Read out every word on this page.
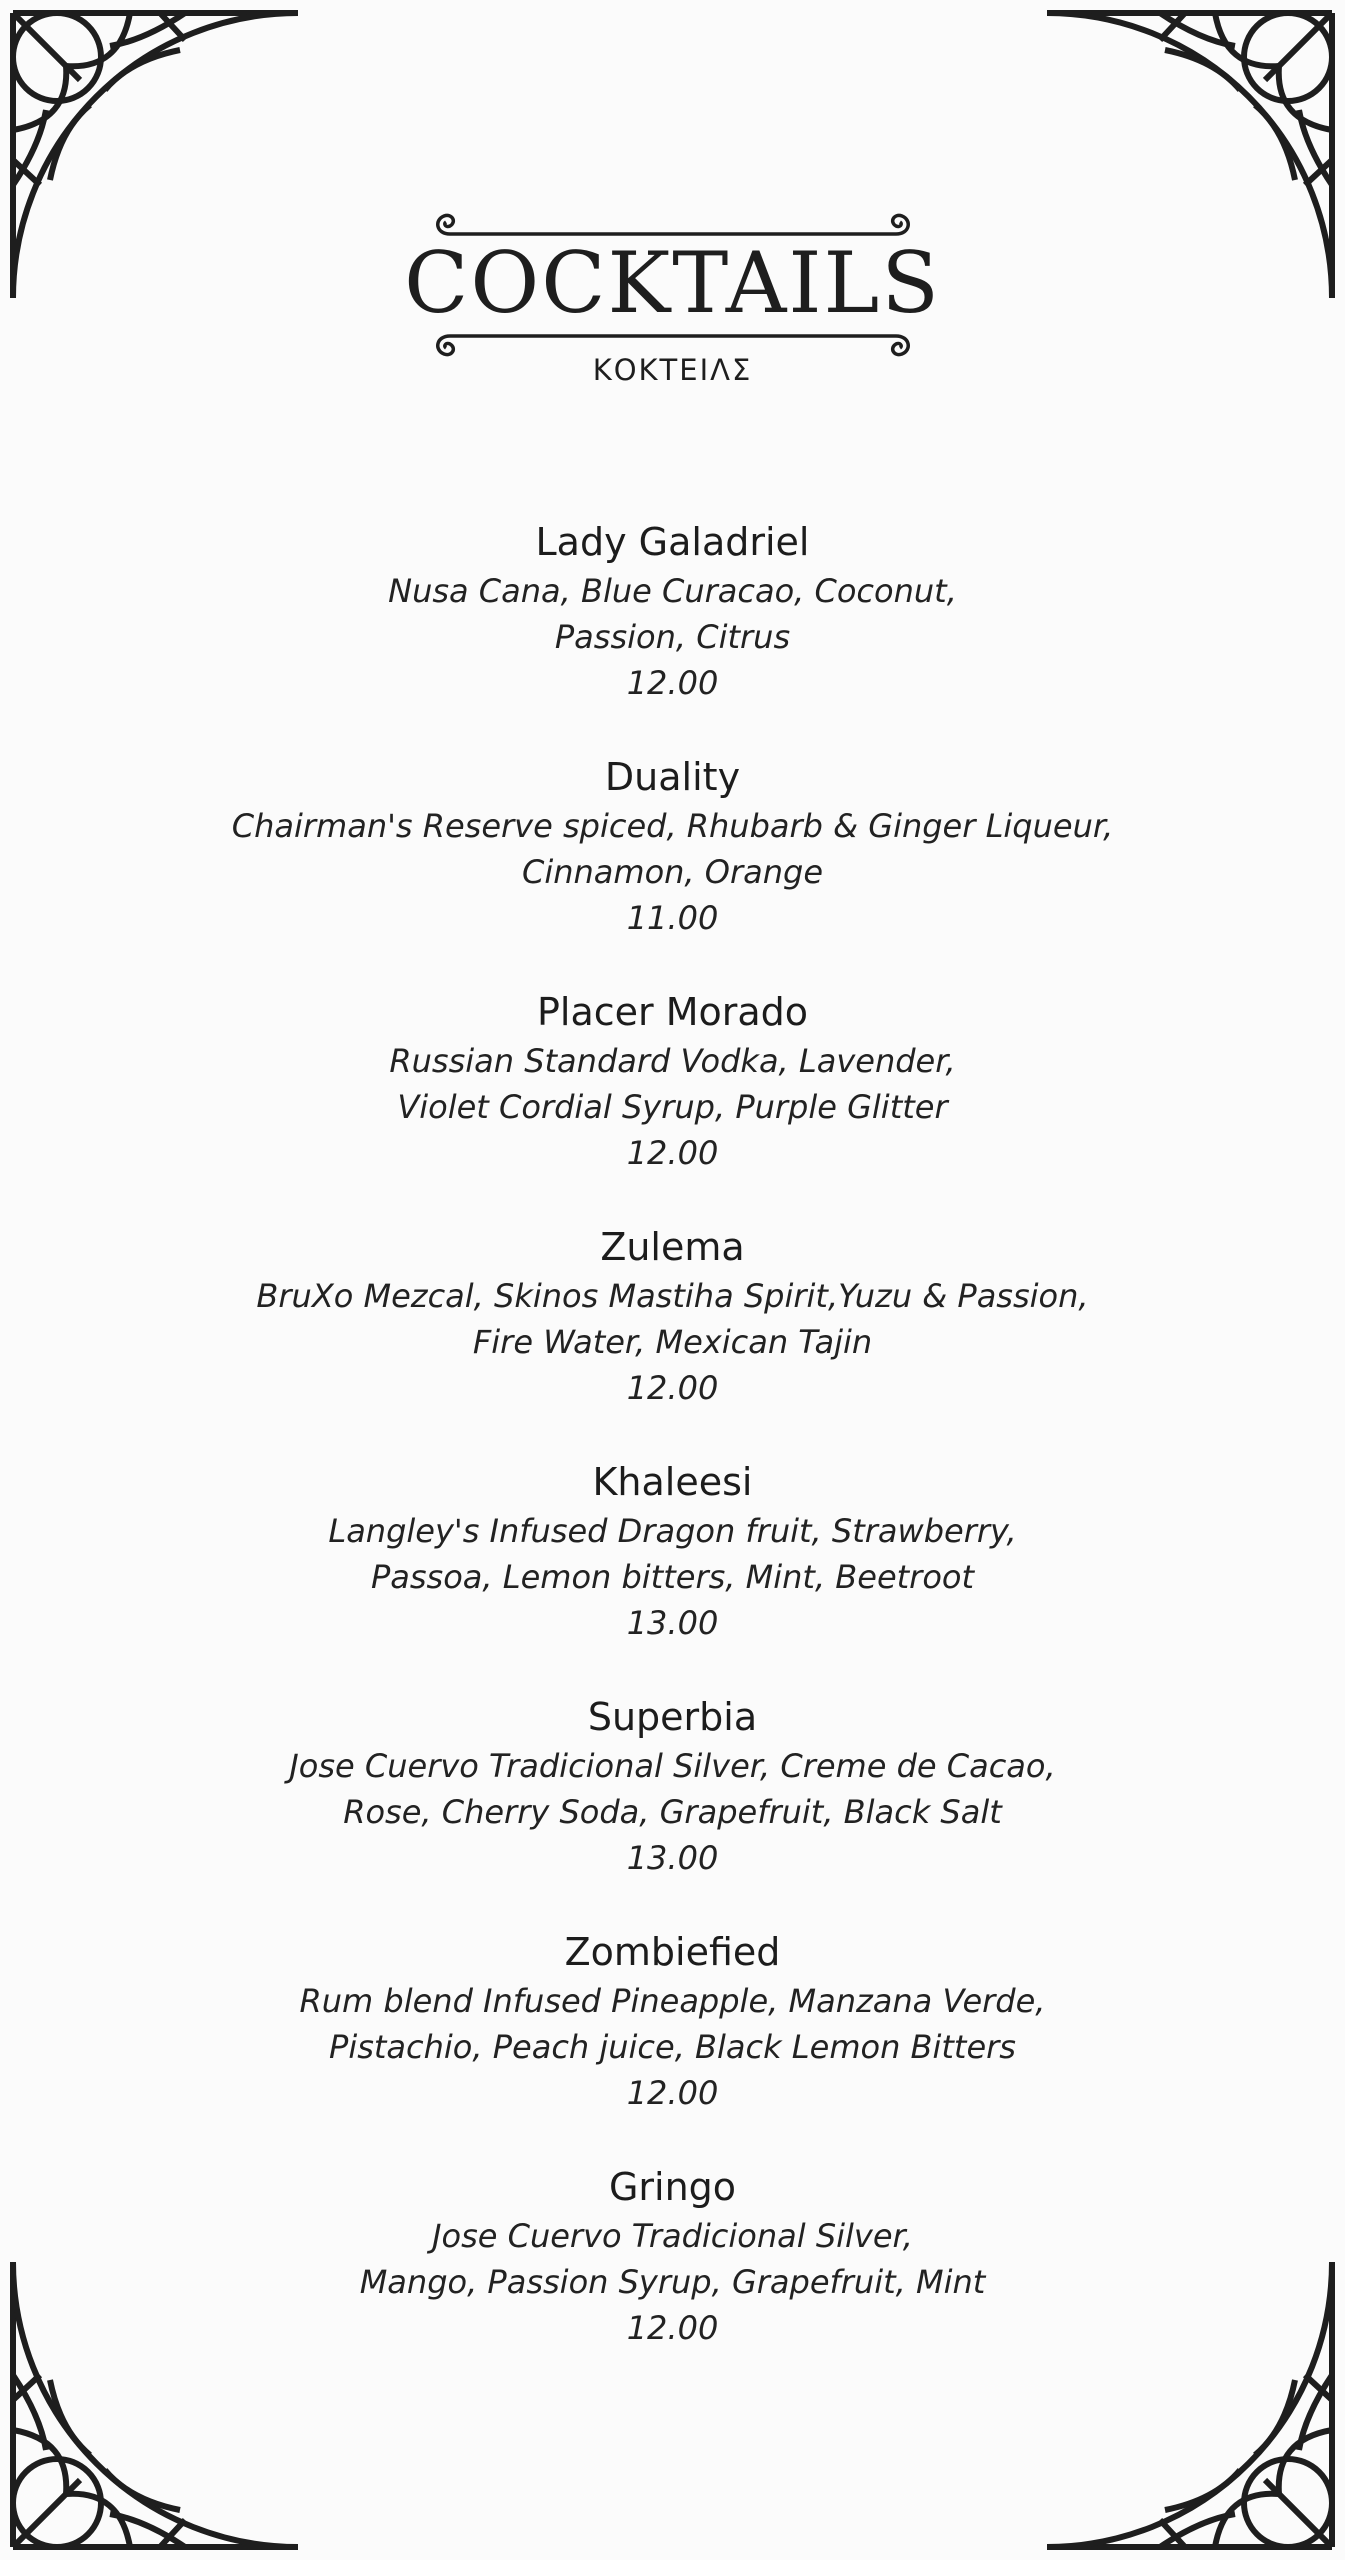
COCKTAILS
ΚΟΚΤΕΙΛΣ
Lady Galadriel
Nusa Cana, Blue Curacao, Coconut,
Passion, Citrus
12.00
Duality
Chairman's Reserve spiced, Rhubarb & Ginger Liqueur,
Cinnamon, Orange
11.00
Placer Morado
Russian Standard Vodka, Lavender,
Violet Cordial Syrup, Purple Glitter
12.00
Zulema
BruXo Mezcal, Skinos Mastiha Spirit,Yuzu & Passion,
Fire Water, Mexican Tajin
12.00
Khaleesi
Langley's Infused Dragon fruit, Strawberry,
Passoa, Lemon bitters, Mint, Beetroot
13.00
Superbia
Jose Cuervo Tradicional Silver, Creme de Cacao,
Rose, Cherry Soda, Grapefruit, Black Salt
13.00
Zombiefied
Rum blend Infused Pineapple, Manzana Verde,
Pistachio, Peach juice, Black Lemon Bitters
12.00
Gringo
Jose Cuervo Tradicional Silver,
Mango, Passion Syrup, Grapefruit, Mint
12.00
